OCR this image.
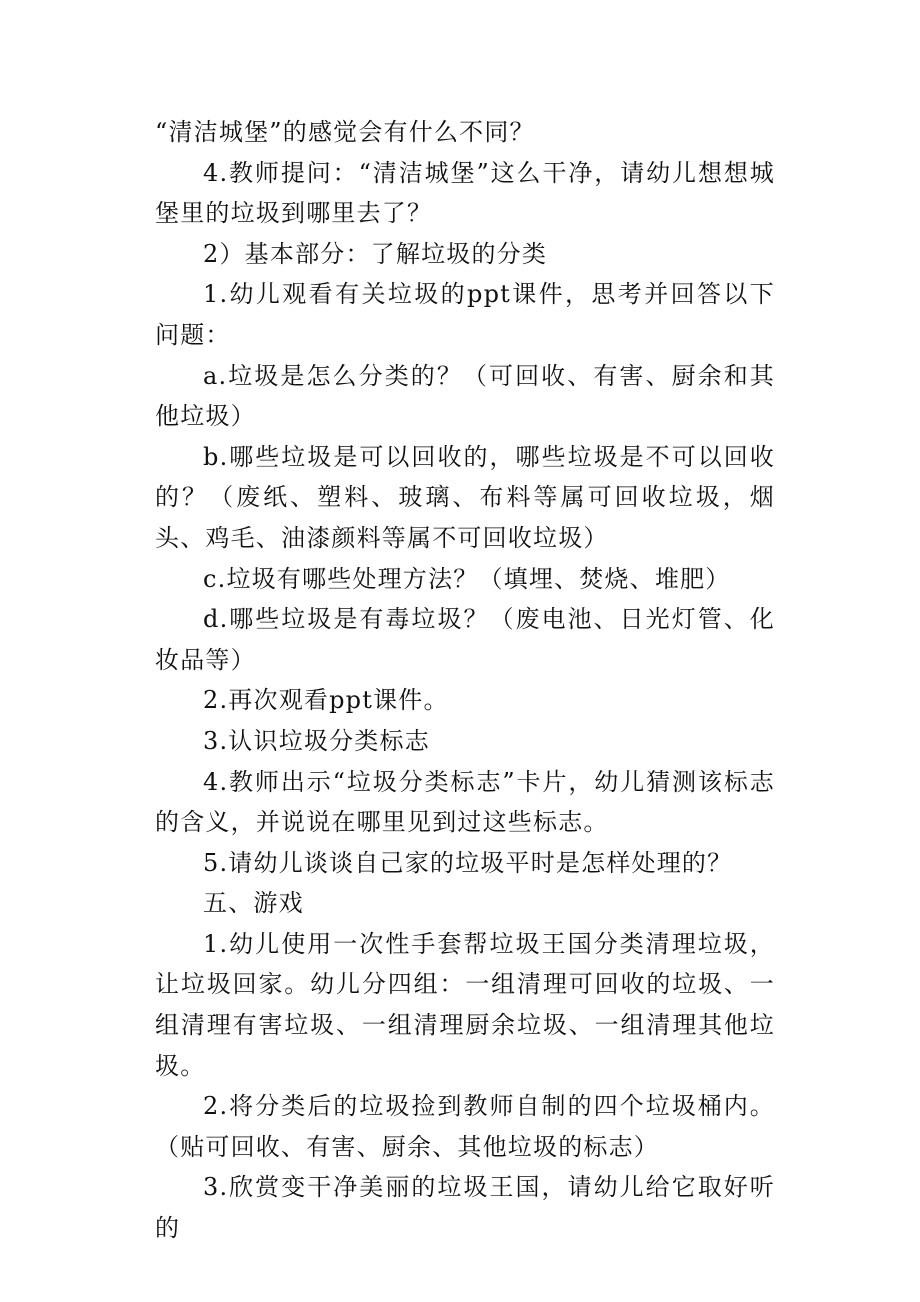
“清洁城堡”的感觉会有什么不同？

4.教师提问：“清洁城堡”这么干净，请幼儿想想城堡里的垃圾到哪里去了？

2）基本部分：了解垃圾的分类

1.幼儿观看有关垃圾的ppt课件，思考并回答以下问题：

a.垃圾是怎么分类的？（可回收、有害、厨余和其他垃圾）

b.哪些垃圾是可以回收的，哪些垃圾是不可以回收的？（废纸、塑料、玻璃、布料等属可回收垃圾，烟头、鸡毛、油漆颜料等属不可回收垃圾）

c.垃圾有哪些处理方法？（填埋、焚烧、堆肥）

d.哪些垃圾是有毒垃圾？（废电池、日光灯管、化妆品等）

2.再次观看ppt课件。

3.认识垃圾分类标志

4.教师出示“垃圾分类标志”卡片，幼儿猜测该标志的含义，并说说在哪里见到过这些标志。

5.请幼儿谈谈自己家的垃圾平时是怎样处理的？

五、游戏

1.幼儿使用一次性手套帮垃圾王国分类清理垃圾，让垃圾回家。幼儿分四组：一组清理可回收的垃圾、一组清理有害垃圾、一组清理厨余垃圾、一组清理其他垃圾。

2.将分类后的垃圾捡到教师自制的四个垃圾桶内。（贴可回收、有害、厨余、其他垃圾的标志）

3.欣赏变干净美丽的垃圾王国，请幼儿给它取好听的
